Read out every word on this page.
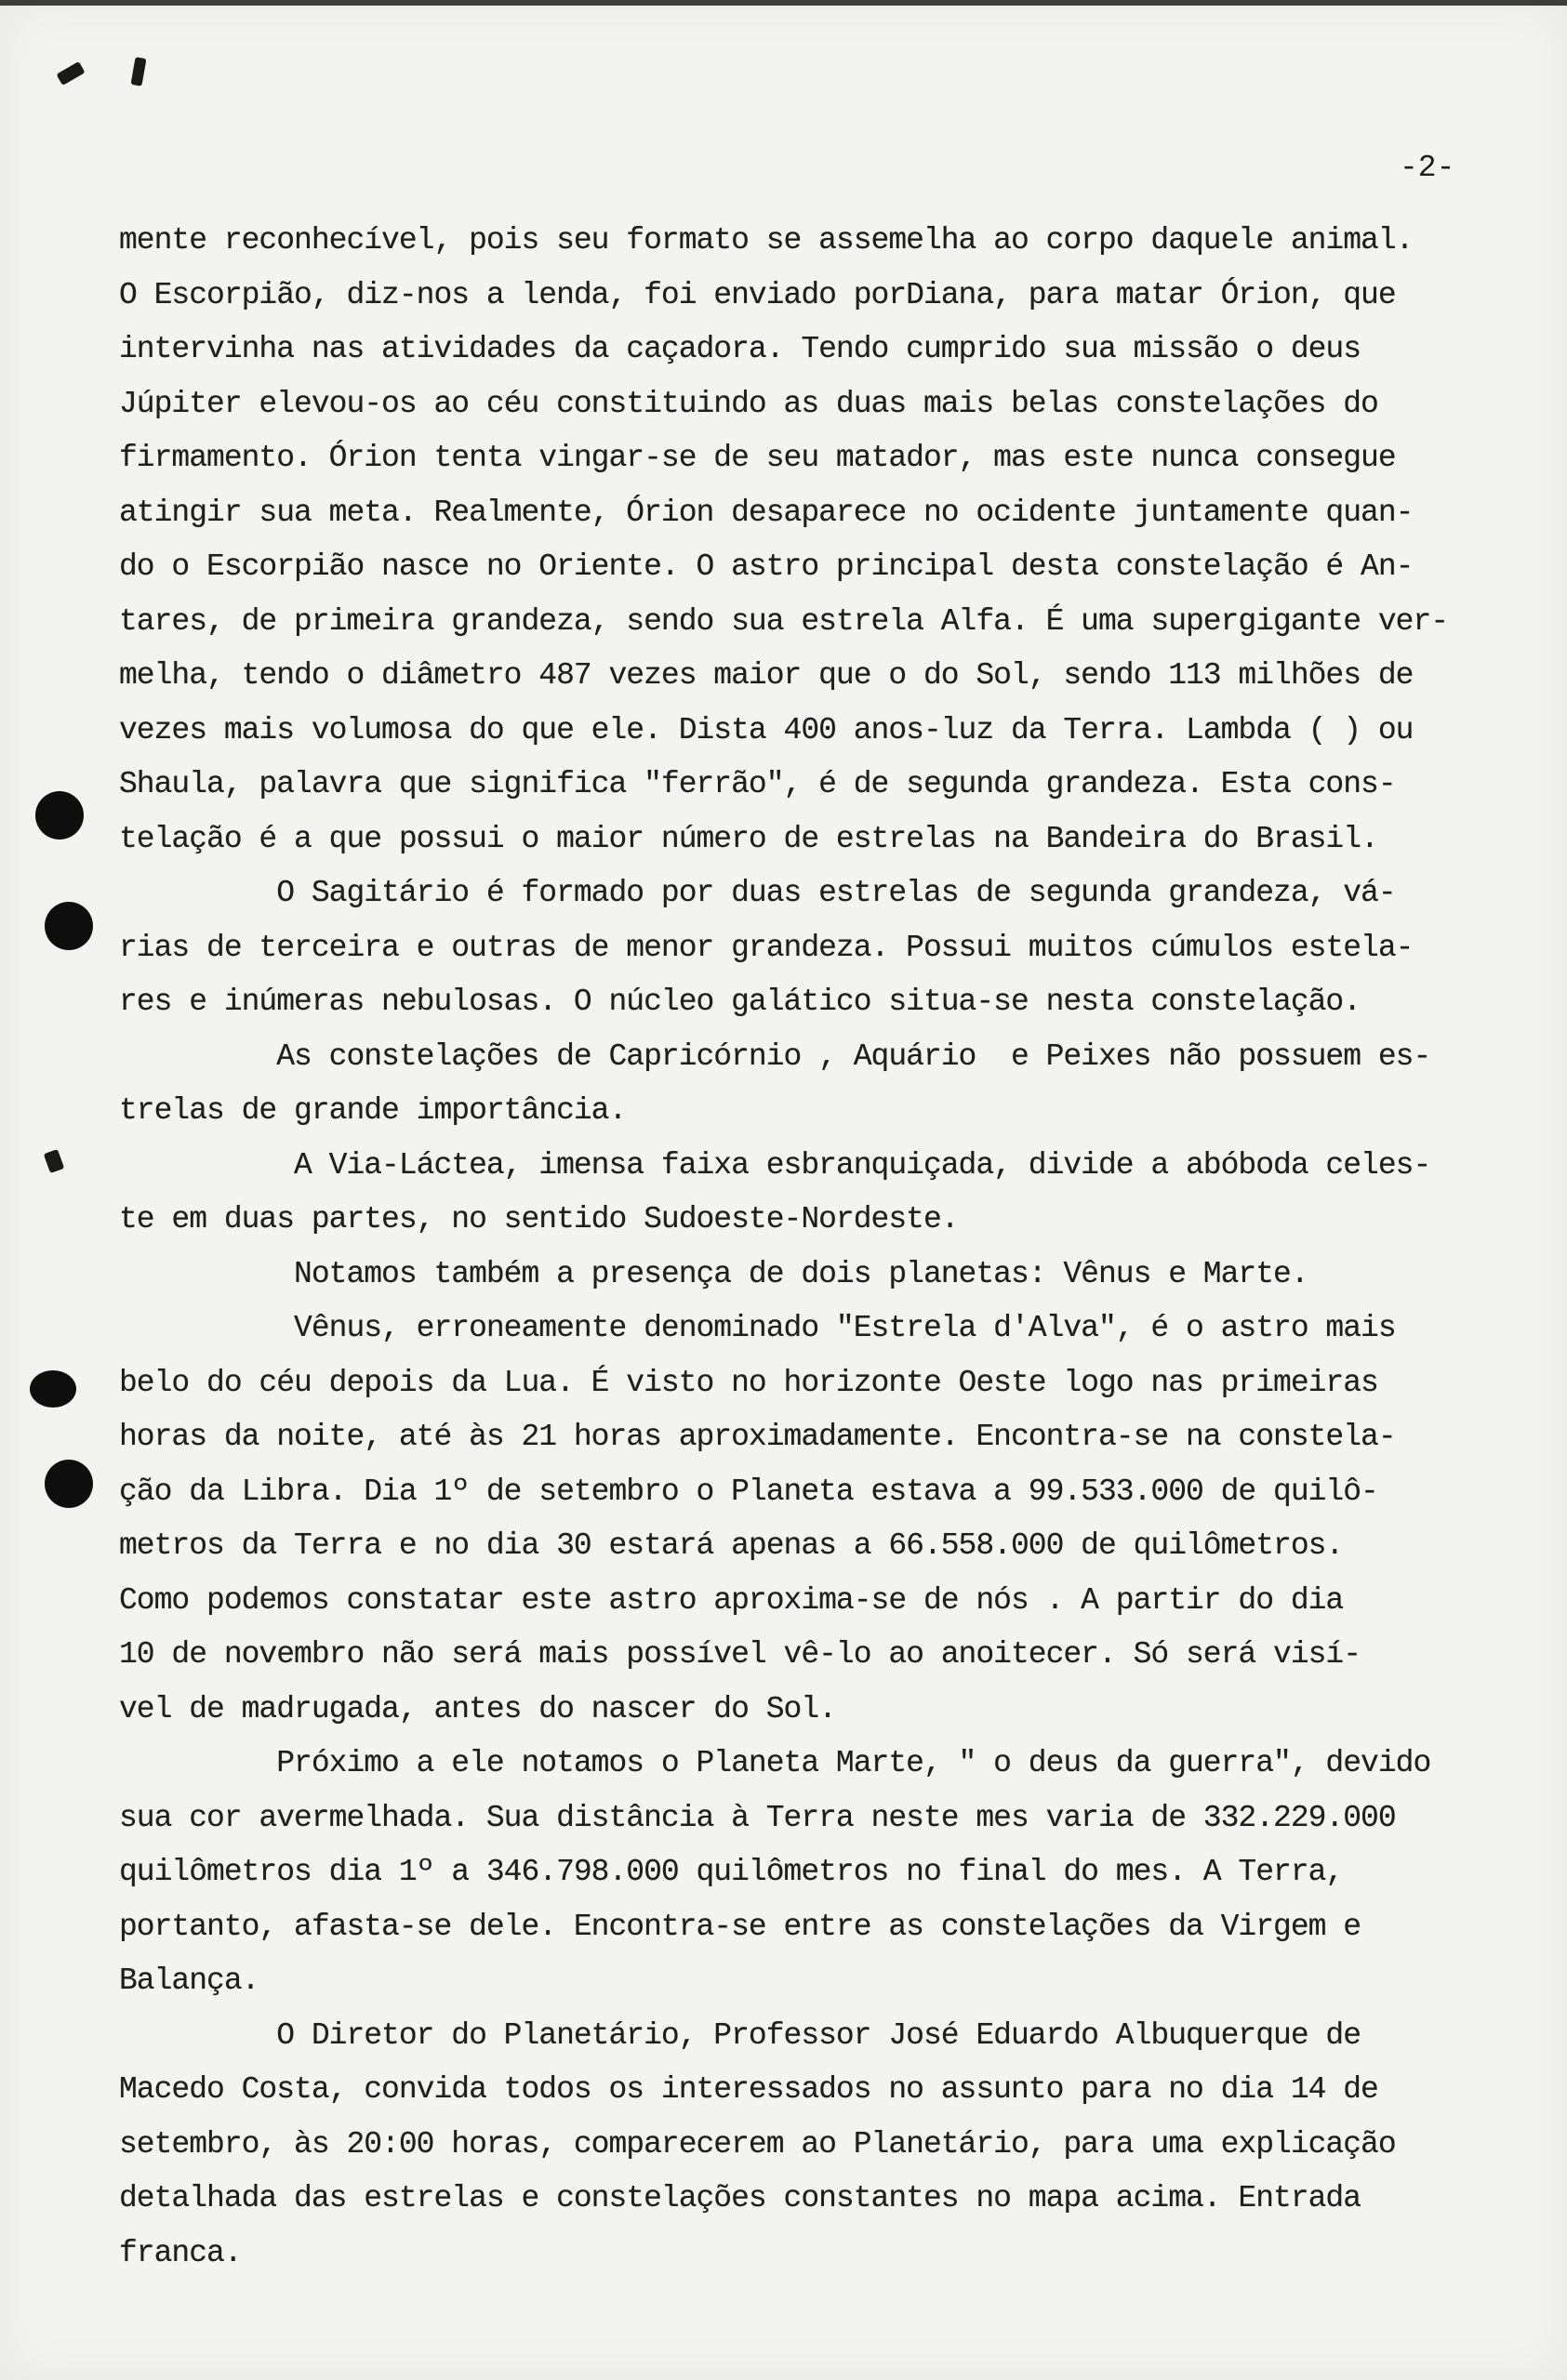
-2-

mente reconhecível, pois seu formato se assemelha ao corpo daquele animal.

O Escorpião, diz-nos a lenda, foi enviado porDiana, para matar Órion, que

intervinha nas atividades da caçadora. Tendo cumprido sua missão o deus

Júpiter elevou-os ao céu constituindo as duas mais belas constelações do

firmamento. Órion tenta vingar-se de seu matador, mas este nunca consegue

atingir sua meta. Realmente, Órion desaparece no ocidente juntamente quan-

do o Escorpião nasce no Oriente. O astro principal desta constelação é An-

tares, de primeira grandeza, sendo sua estrela Alfa. É uma supergigante ver-

melha, tendo o diâmetro 487 vezes maior que o do Sol, sendo 113 milhões de

vezes mais volumosa do que ele. Dista 400 anos-luz da Terra. Lambda ( ) ou

Shaula, palavra que significa "ferrão", é de segunda grandeza. Esta cons-

telação é a que possui o maior número de estrelas na Bandeira do Brasil.

O Sagitário é formado por duas estrelas de segunda grandeza, vá-

rias de terceira e outras de menor grandeza. Possui muitos cúmulos estela-

res e inúmeras nebulosas. O núcleo galático situa-se nesta constelação.

As constelações de Capricórnio , Aquário  e Peixes não possuem es-

trelas de grande importância.

A Via-Láctea, imensa faixa esbranquiçada, divide a abóboda celes-

te em duas partes, no sentido Sudoeste-Nordeste.

Notamos também a presença de dois planetas: Vênus e Marte.

Vênus, erroneamente denominado "Estrela d'Alva", é o astro mais

belo do céu depois da Lua. É visto no horizonte Oeste logo nas primeiras

horas da noite, até às 21 horas aproximadamente. Encontra-se na constela-

ção da Libra. Dia 1º de setembro o Planeta estava a 99.533.000 de quilô-

metros da Terra e no dia 30 estará apenas a 66.558.000 de quilômetros.

Como podemos constatar este astro aproxima-se de nós . A partir do dia

10 de novembro não será mais possível vê-lo ao anoitecer. Só será visí-

vel de madrugada, antes do nascer do Sol.

Próximo a ele notamos o Planeta Marte, " o deus da guerra", devido

sua cor avermelhada. Sua distância à Terra neste mes varia de 332.229.000

quilômetros dia 1º a 346.798.000 quilômetros no final do mes. A Terra,

portanto, afasta-se dele. Encontra-se entre as constelações da Virgem e

Balança.

O Diretor do Planetário, Professor José Eduardo Albuquerque de

Macedo Costa, convida todos os interessados no assunto para no dia 14 de

setembro, às 20:00 horas, comparecerem ao Planetário, para uma explicação

detalhada das estrelas e constelações constantes no mapa acima. Entrada

franca.
